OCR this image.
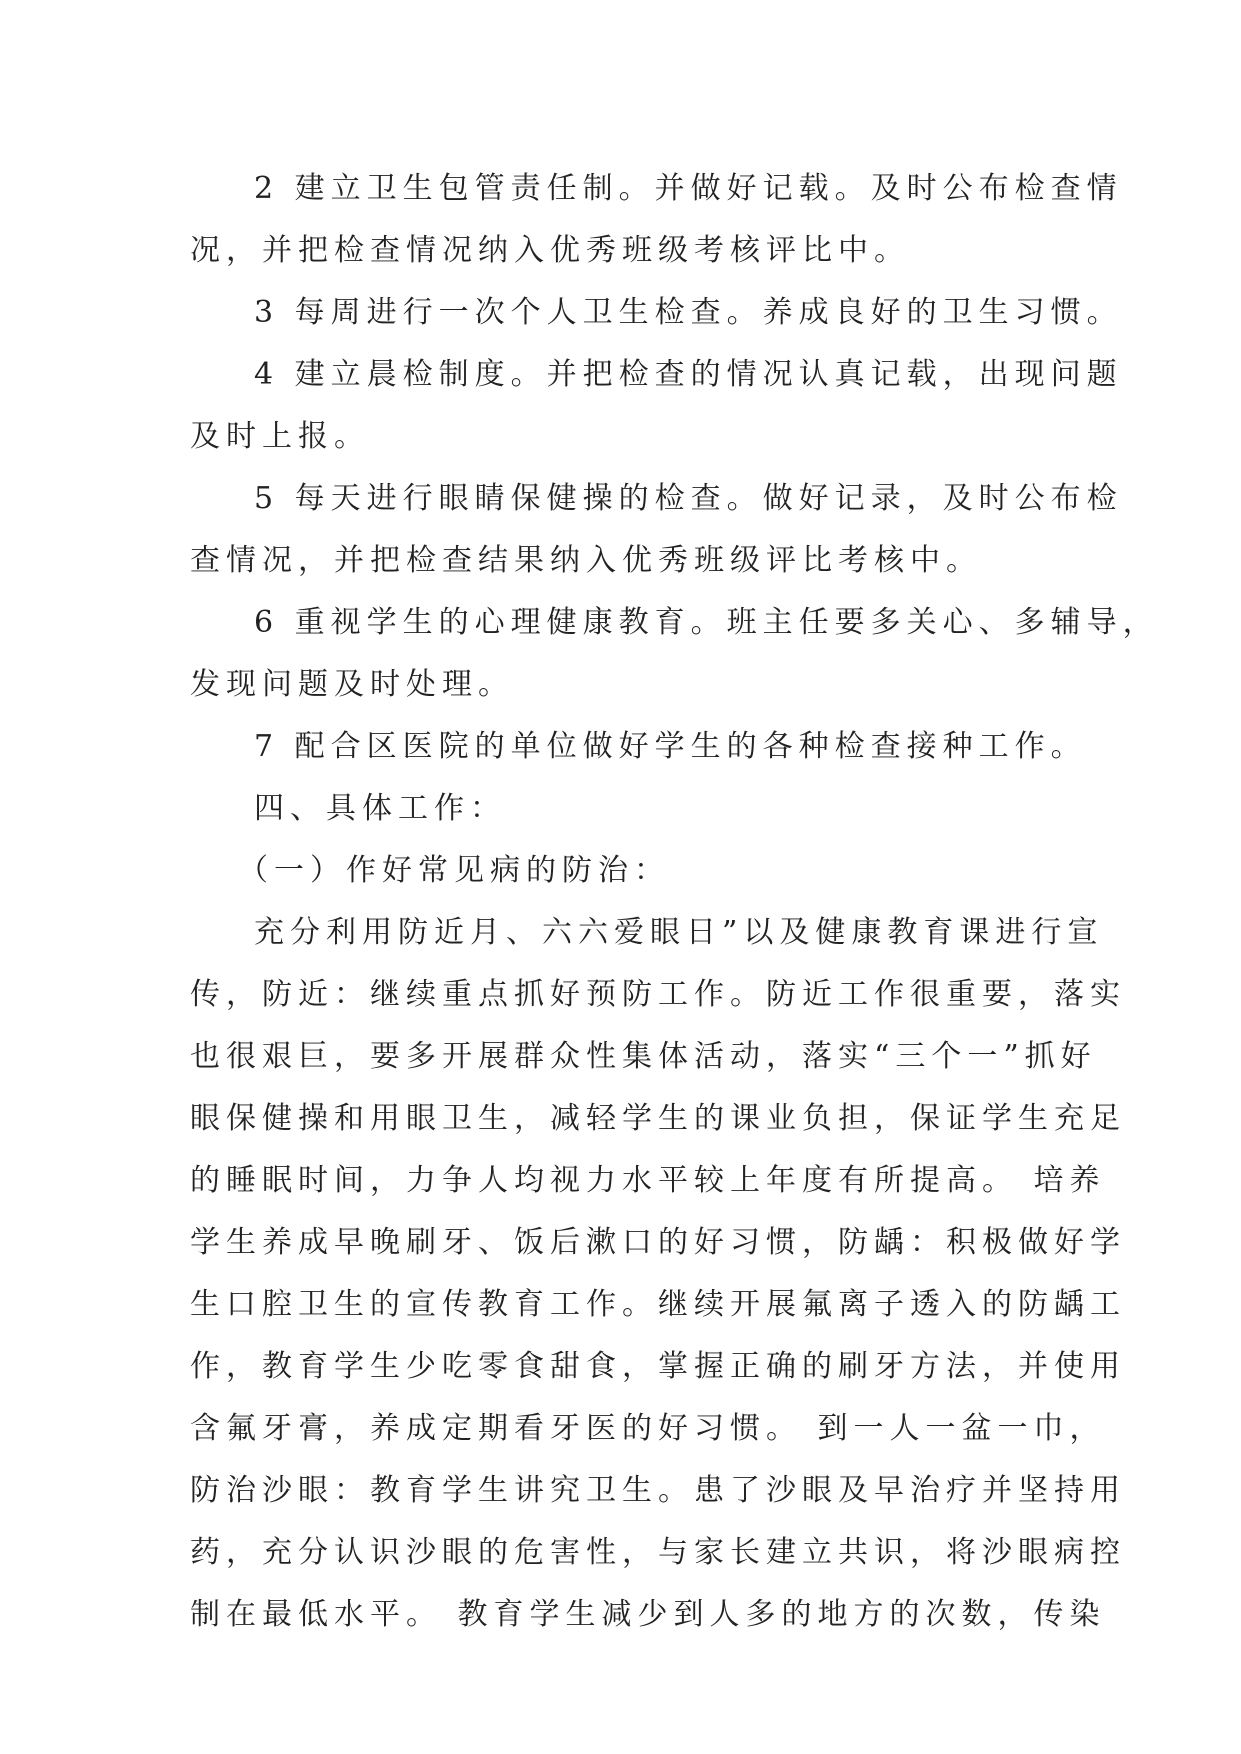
2 建立卫生包管责任制。并做好记载。及时公布检查情
况，并把检查情况纳入优秀班级考核评比中。
3 每周进行一次个人卫生检查。养成良好的卫生习惯。
4 建立晨检制度。并把检查的情况认真记载，出现问题
及时上报。
5 每天进行眼睛保健操的检查。做好记录，及时公布检
查情况，并把检查结果纳入优秀班级评比考核中。
6 重视学生的心理健康教育。班主任要多关心、多辅导，
发现问题及时处理。
7 配合区医院的单位做好学生的各种检查接种工作。
四、具体工作：
（一）作好常见病的防治：
充分利用防近月、六六爱眼日”以及健康教育课进行宣
传，防近：继续重点抓好预防工作。防近工作很重要，落实
也很艰巨，要多开展群众性集体活动，落实“三个一”抓好
眼保健操和用眼卫生，减轻学生的课业负担，保证学生充足
的睡眠时间，力争人均视力水平较上年度有所提高。 培养
学生养成早晚刷牙、饭后漱口的好习惯，防龋：积极做好学
生口腔卫生的宣传教育工作。继续开展氟离子透入的防龋工
作，教育学生少吃零食甜食，掌握正确的刷牙方法，并使用
含氟牙膏，养成定期看牙医的好习惯。 到一人一盆一巾，
防治沙眼：教育学生讲究卫生。患了沙眼及早治疗并坚持用
药，充分认识沙眼的危害性，与家长建立共识，将沙眼病控
制在最低水平。 教育学生减少到人多的地方的次数，传染
